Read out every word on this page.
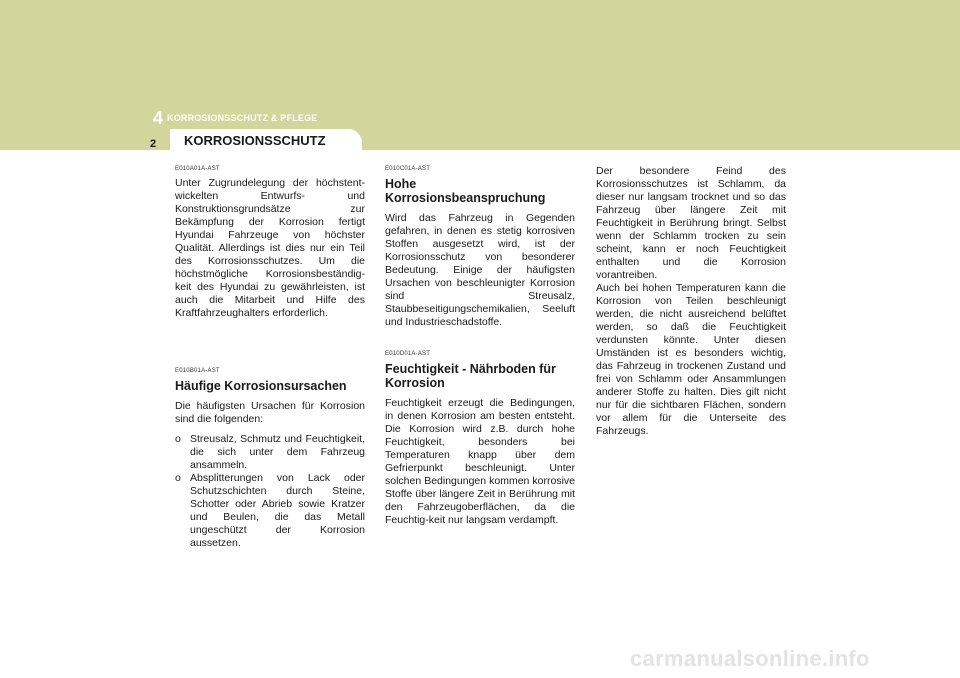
4 KORROSIONSSCHUTZ & PFLEGE
KORROSIONSSCHUTZ
2
E010A01A-AST

Unter Zugrundelegung der höchstent-wickelten Entwurfs- und Konstruktionsgrundsätze zur Bekämpfung der Korrosion fertigt Hyundai Fahrzeuge von höchster Qualität. Allerdings ist dies nur ein Teil des Korrosionsschutzes. Um die höchstmögliche Korrosionsbeständig-keit des Hyundai zu gewährleisten, ist auch die Mitarbeit und Hilfe des Kraftfahrzeughalters erforderlich.

E010B01A-AST
Häufige Korrosionsursachen

Die häufigsten Ursachen für Korrosion sind die folgenden:

o Streusalz, Schmutz und Feuchtigkeit, die sich unter dem Fahrzeug ansammeln.
o Absplitterungen von Lack oder Schutzschichten durch Steine, Schotter oder Abrieb sowie Kratzer und Beulen, die das Metall ungeschützt der Korrosion aussetzen.
E010C01A-AST
Hohe Korrosionsbeanspruchung

Wird das Fahrzeug in Gegenden gefahren, in denen es stetig korrosiven Stoffen ausgesetzt wird, ist der Korrosionsschutz von besonderer Bedeutung. Einige der häufigsten Ursachen von beschleunigter Korrosion sind Streusalz, Staubbeseitigungschemikalien, Seeluft und Industrieschadstoffe.

E010D01A-AST
Feuchtigkeit - Nährboden für Korrosion

Feuchtigkeit erzeugt die Bedingungen, in denen Korrosion am besten entsteht. Die Korrosion wird z.B. durch hohe Feuchtigkeit, besonders bei Temperaturen knapp über dem Gefrierpunkt beschleunigt. Unter solchen Bedingungen kommen korrosive Stoffe über längere Zeit in Berührung mit den Fahrzeugoberflächen, da die Feuchtig-keit nur langsam verdampft.

Der besondere Feind des Korrosionsschutzes ist Schlamm, da dieser nur langsam trocknet und so das Fahrzeug über längere Zeit mit Feuchtigkeit in Berührung bringt. Selbst wenn der Schlamm trocken zu sein scheint, kann er noch Feuchtigkeit enthalten und die Korrosion vorantreiben.

Auch bei hohen Temperaturen kann die Korrosion von Teilen beschleunigt werden, die nicht ausreichend belüftet werden, so daß die Feuchtigkeit verdunsten könnte. Unter diesen Umständen ist es besonders wichtig, das Fahrzeug in trockenen Zustand und frei von Schlamm oder Ansammlungen anderer Stoffe zu halten. Dies gilt nicht nur für die sichtbaren Flächen, sondern vor allem für die Unterseite des Fahrzeugs.

carmanualsonline.info
